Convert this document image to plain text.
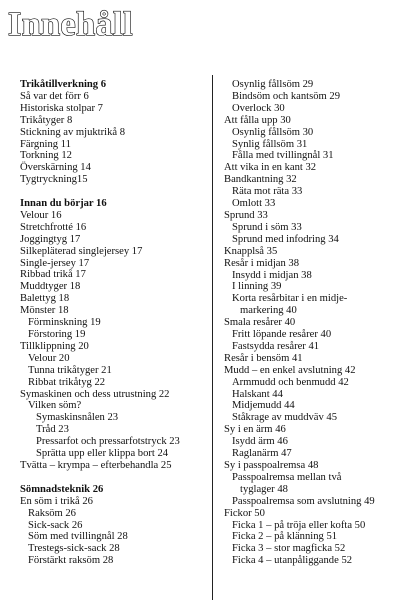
Innehåll
Trikåtillverkning 6
Så var det förr 6
Historiska stolpar 7
Trikåtyger 8
Stickning av mjuktrikå 8
Färgning 11
Torkning 12
Överskärning 14
Tygtryckning15
Innan du börjar 16
Velour 16
Stretchfrotté 16
Joggingtyg 17
Silkepläterad singlejersey 17
Single-jersey 17
Ribbad trikå 17
Muddtyger 18
Balettyg 18
Mönster 18
Förminskning 19
Förstoring 19
Tillklippning 20
Velour 20
Tunna trikåtyger 21
Ribbat trikåtyg 22
Symaskinen och dess utrustning 22
Vilken söm?
Symaskinsnålen 23
Tråd 23
Pressarfot och pressarfotstryck 23
Sprätta upp eller klippa bort 24
Tvätta – krympa – efterbehandla 25
Sömnadsteknik 26
En söm i trikå 26
Raksöm 26
Sick-sack 26
Söm med tvillingnål 28
Trestegs-sick-sack 28
Förstärkt raksöm 28
Osynlig fållsöm 29
Bindsöm och kantsöm 29
Overlock 30
Att fålla upp 30
Osynlig fållsöm 30
Synlig fållsöm 31
Fålla med tvillingnål 31
Att vika in en kant 32
Bandkantning 32
Räta mot räta 33
Omlott 33
Sprund 33
Sprund i söm 33
Sprund med infodring 34
Knapplså 35
Resår i midjan 38
Insydd i midjan 38
I linning 39
Korta resårbitar i en midje-
markering 40
Smala resårer 40
Fritt löpande resårer 40
Fastsydda resårer 41
Resår i bensöm 41
Mudd – en enkel avslutning 42
Armmudd och benmudd 42
Halskant 44
Midjemudd 44
Ståkrage av muddväv 45
Sy i en ärm 46
Isydd ärm 46
Raglanärm 47
Sy i passpoalremsa 48
Passpoalremsa mellan två
tyglager 48
Passpoalremsa som avslutning 49
Fickor 50
Ficka 1 – på tröja eller kofta 50
Ficka 2 – på klänning 51
Ficka 3 – stor magficka 52
Ficka 4 – utanpåliggande 52
